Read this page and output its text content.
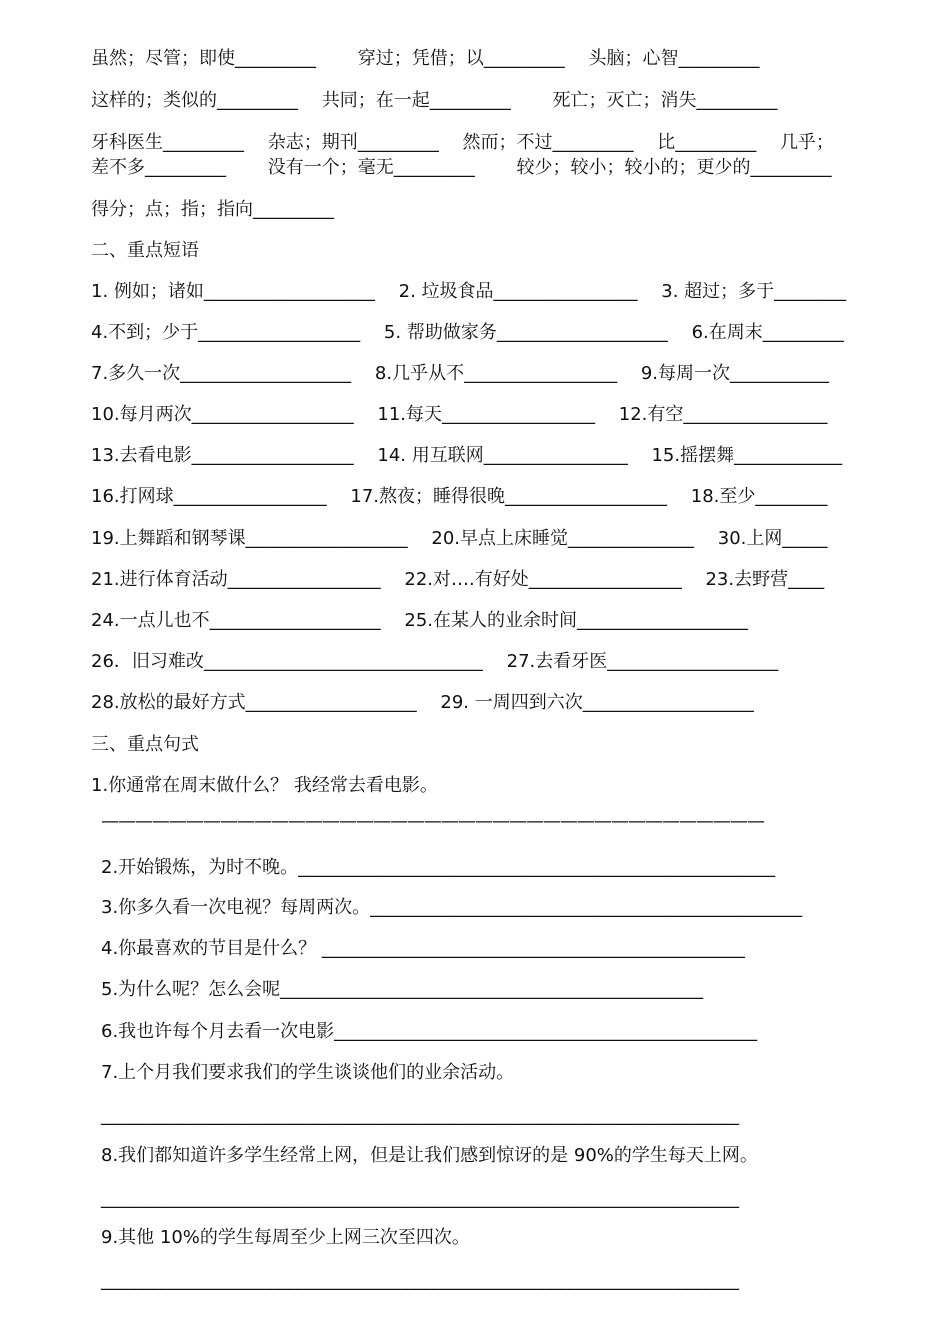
虽然；尽管；即使_________ 穿过；凭借；以_________ 头脑；心智_________
这样的；类似的_________ 共同；在一起_________ 死亡；灭亡；消失_________
牙科医生_________ 杂志；期刊_________ 然而；不过_________ 比_________ 几乎；
差不多_________ 没有一个；毫无_________ 较少；较小；较小的；更少的_________
得分；点；指；指向_________
二、重点短语
1. 例如；诸如___________________ 2. 垃圾食品________________ 3. 超过；多于________
4.不到；少于__________________ 5. 帮助做家务___________________ 6.在周末_________
7.多久一次___________________ 8.几乎从不_________________ 9.每周一次___________
10.每月两次__________________ 11.每天_________________ 12.有空________________
13.去看电影__________________ 14. 用互联网________________ 15.摇摆舞____________
16.打网球_________________ 17.熬夜；睡得很晚__________________ 18.至少________
19.上舞蹈和钢琴课__________________ 20.早点上床睡觉______________ 30.上网_____
21.进行体育活动_________________ 22.对….有好处_________________ 23.去野营____
24.一点儿也不___________________ 25.在某人的业余时间___________________
26．旧习难改_______________________________ 27.去看牙医___________________
28.放松的最好方式___________________ 29. 一周四到六次___________________
三、重点句式
1.你通常在周末做什么？ 我经常去看电影。
———————————————————————————————————————
2.开始锻炼，为时不晚。_____________________________________________________
3.你多久看一次电视？每周两次。________________________________________________
4.你最喜欢的节目是什么？ _______________________________________________
5.为什么呢？怎么会呢_______________________________________________
6.我也许每个月去看一次电影_______________________________________________
7.上个月我们要求我们的学生谈谈他们的业余活动。
___________________________________________________________________________
8.我们都知道许多学生经常上网，但是让我们感到惊讶的是 90%的学生每天上网。
___________________________________________________________________________
9.其他 10%的学生每周至少上网三次至四次。
___________________________________________________________________________
